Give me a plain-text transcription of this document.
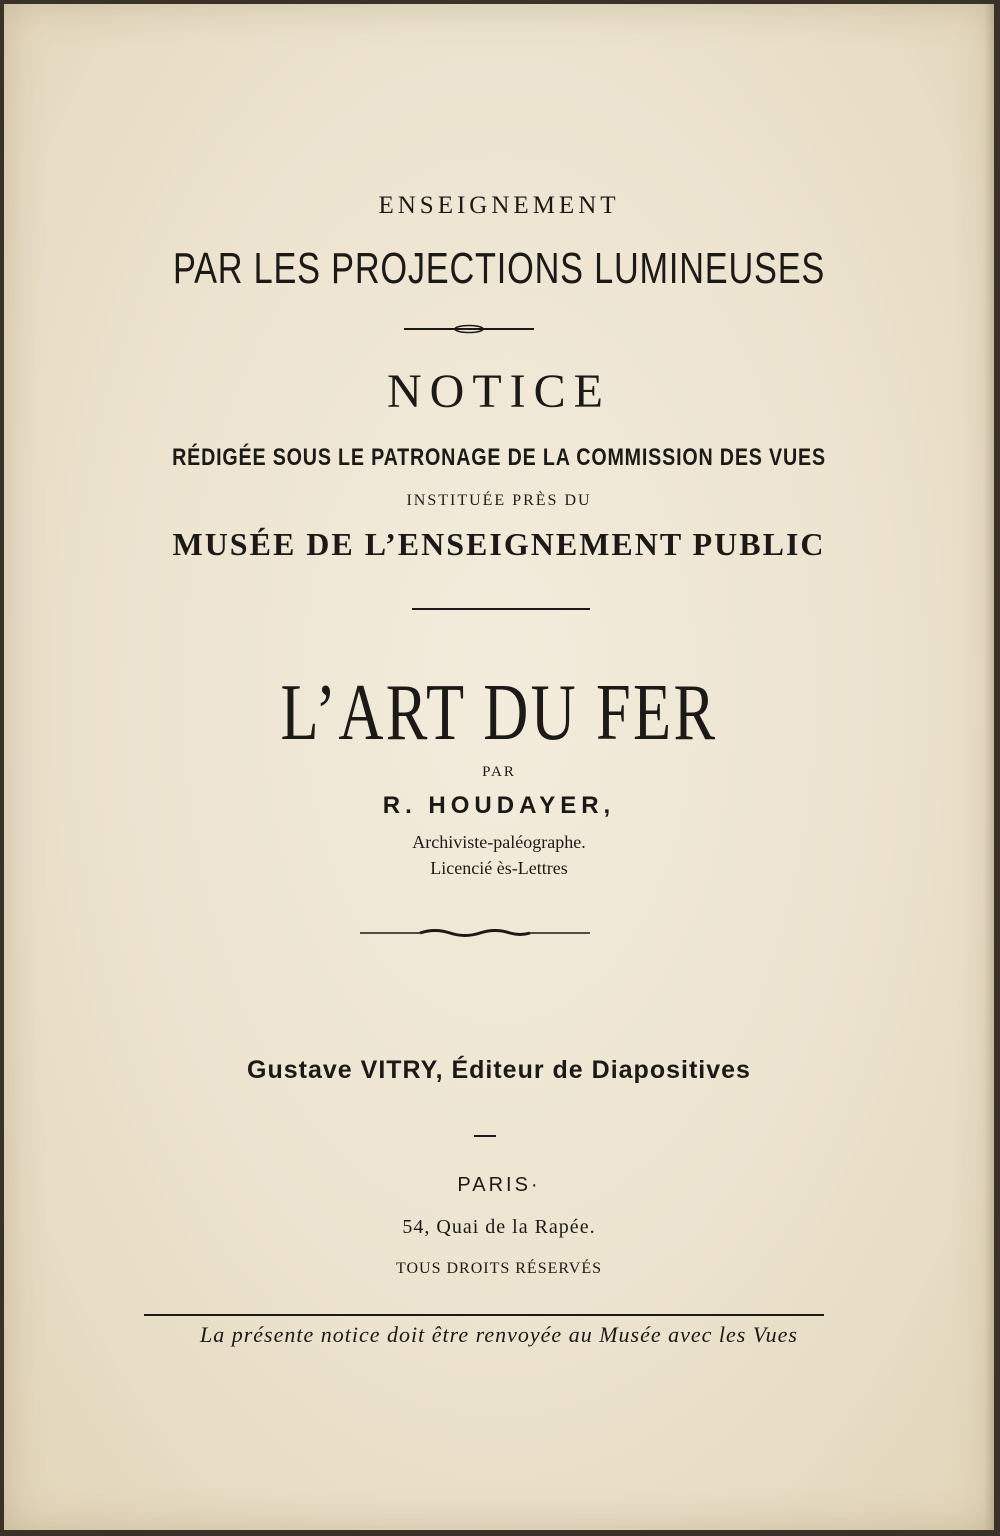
ENSEIGNEMENT
PAR LES PROJECTIONS LUMINEUSES
NOTICE
RÉDIGÉE SOUS LE PATRONAGE DE LA COMMISSION DES VUES
INSTITUÉE PRÈS DU
MUSÉE DE L’ENSEIGNEMENT PUBLIC
L’ART DU FER
PAR
R. HOUDAYER,
Archiviste-paléographe.
Licencié ès-Lettres
Gustave VITRY, Éditeur de Diapositives
PARIS·
54, Quai de la Rapée.
TOUS DROITS RÉSERVÉS
La présente notice doit être renvoyée au Musée avec les Vues
